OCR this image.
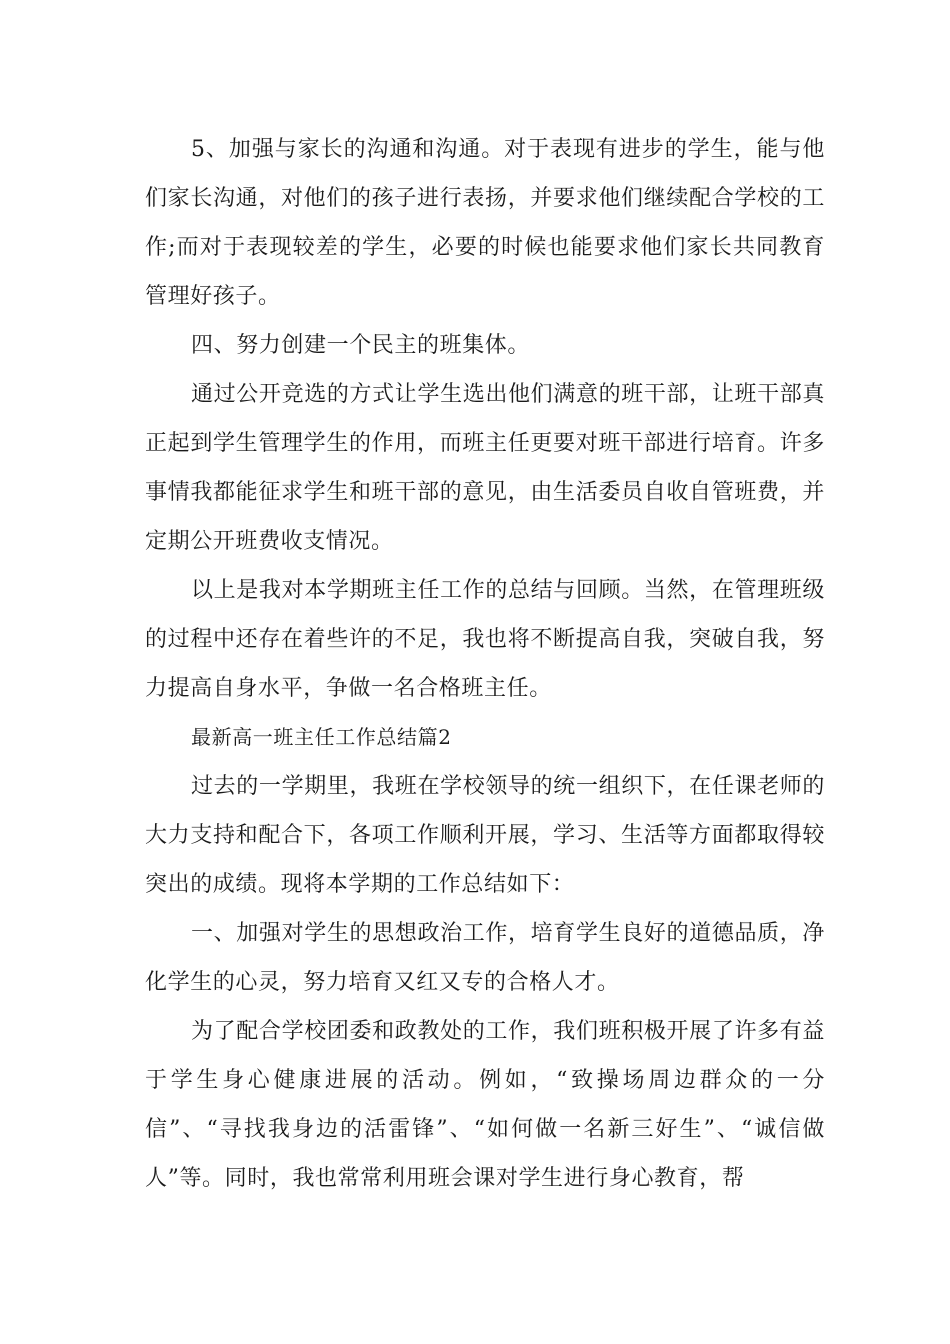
5、加强与家长的沟通和沟通。对于表现有进步的学生，能与他们家长沟通，对他们的孩子进行表扬，并要求他们继续配合学校的工作;而对于表现较差的学生，必要的时候也能要求他们家长共同教育管理好孩子。

四、努力创建一个民主的班集体。

通过公开竞选的方式让学生选出他们满意的班干部，让班干部真正起到学生管理学生的作用，而班主任更要对班干部进行培育。许多事情我都能征求学生和班干部的意见，由生活委员自收自管班费，并定期公开班费收支情况。

以上是我对本学期班主任工作的总结与回顾。当然，在管理班级的过程中还存在着些许的不足，我也将不断提高自我，突破自我，努力提高自身水平，争做一名合格班主任。

最新高一班主任工作总结篇2

过去的一学期里，我班在学校领导的统一组织下，在任课老师的大力支持和配合下，各项工作顺利开展，学习、生活等方面都取得较突出的成绩。现将本学期的工作总结如下：

一、加强对学生的思想政治工作，培育学生良好的道德品质，净化学生的心灵，努力培育又红又专的合格人才。

为了配合学校团委和政教处的工作，我们班积极开展了许多有益于学生身心健康进展的活动。例如，“致操场周边群众的一分信”、“寻找我身边的活雷锋”、“如何做一名新三好生”、“诚信做人”等。同时，我也常常利用班会课对学生进行身心教育，帮
